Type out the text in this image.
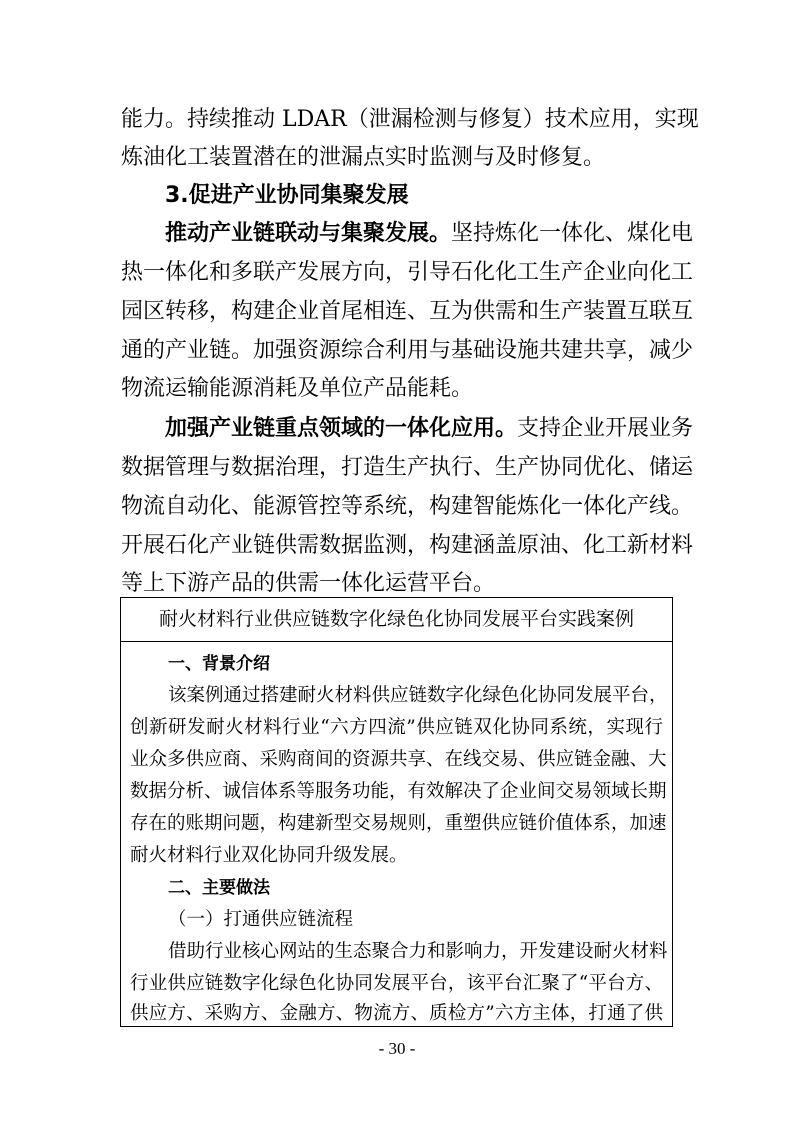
能力。持续推动 LDAR（泄漏检测与修复）技术应用，实现
炼油化工装置潜在的泄漏点实时监测与及时修复。
3.促进产业协同集聚发展
推动产业链联动与集聚发展。坚持炼化一体化、煤化电
热一体化和多联产发展方向，引导石化化工生产企业向化工
园区转移，构建企业首尾相连、互为供需和生产装置互联互
通的产业链。加强资源综合利用与基础设施共建共享，减少
物流运输能源消耗及单位产品能耗。
加强产业链重点领域的一体化应用。支持企业开展业务
数据管理与数据治理，打造生产执行、生产协同优化、储运
物流自动化、能源管控等系统，构建智能炼化一体化产线。
开展石化产业链供需数据监测，构建涵盖原油、化工新材料
等上下游产品的供需一体化运营平台。
耐火材料行业供应链数字化绿色化协同发展平台实践案例
一、背景介绍
该案例通过搭建耐火材料供应链数字化绿色化协同发展平台，
创新研发耐火材料行业“六方四流”供应链双化协同系统，实现行
业众多供应商、采购商间的资源共享、在线交易、供应链金融、大
数据分析、诚信体系等服务功能，有效解决了企业间交易领域长期
存在的账期问题，构建新型交易规则，重塑供应链价值体系，加速
耐火材料行业双化协同升级发展。
二、主要做法
（一）打通供应链流程
借助行业核心网站的生态聚合力和影响力，开发建设耐火材料
行业供应链数字化绿色化协同发展平台，该平台汇聚了“平台方、
供应方、采购方、金融方、物流方、质检方”六方主体，打通了供
- 30 -
